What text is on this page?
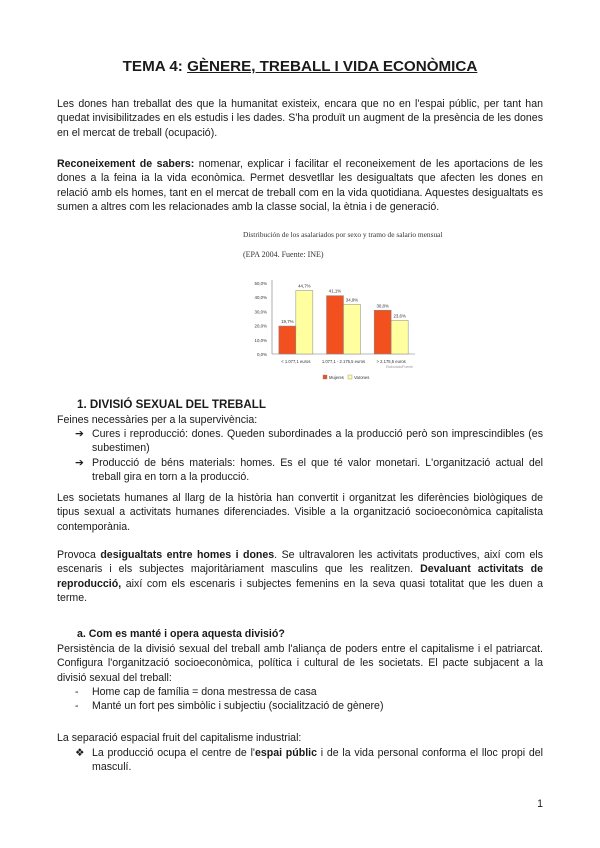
TEMA 4: GÈNERE, TREBALL I VIDA ECONÒMICA

Les dones han treballat des que la humanitat existeix, encara que no en l'espai públic, per tant han quedat invisibilitzades en els estudis i les dades. S'ha produït un augment de la presència de les dones en el mercat de treball (ocupació).

Reconeixement de sabers: nomenar, explicar i facilitar el reconeixement de les aportacions de les dones a la feina ia la vida econòmica. Permet desvetllar les desigualtats que afecten les dones en relació amb els homes, tant en el mercat de treball com en la vida quotidiana. Aquestes desigualtats es sumen a altres com les relacionades amb la classe social, la ètnia i de generació.

Distribución de los asalariados por sexo y tramo de salario mensual
(EPA 2004. Fuente: INE)
50,0%
40,0%
30,0%
20,0%
10,0%
0,0%
19,7%
44,7%
< 1.077,1 euros
41,1%
34,9%
1.077,1 - 2.175,5 euros
30,8%
23,6%
> 2.175,5 euros
Mujeres Varones
Elaborado/Fuente
1. DIVISIÓ SEXUAL DEL TREBALL

Feines necessàries per a la supervivència:

➔ Cures i reproducció: dones. Queden subordinades a la producció però son imprescindibles (es subestimen)
➔ Producció de béns materials: homes. Es el que té valor monetari. L'organització actual del treball gira en torn a la producció.

Les societats humanes al llarg de la història han convertit i organitzat les diferències biològiques de tipus sexual a activitats humanes diferenciades. Visible a la organització socioeconòmica capitalista contemporània.

Provoca desigualtats entre homes i dones. Se ultravaloren les activitats productives, així com els escenaris i els subjectes majoritàriament masculins que les realitzen. Devaluant activitats de reproducció, així com els escenaris i subjectes femenins en la seva quasi totalitat que les duen a terme.

a. Com es manté i opera aquesta divisió?

Persistència de la divisió sexual del treball amb l'aliança de poders entre el capitalisme i el patriarcat. Configura l'organització socioeconòmica, política i cultural de les societats. El pacte subjacent a la divisió sexual del treball:

- Home cap de família = dona mestressa de casa
- Manté un fort pes simbòlic i subjectiu (socialització de gènere)

La separació espacial fruit del capitalisme industrial:

❖ La producció ocupa el centre de l'espai públic i de la vida personal conforma el lloc propi del masculí.
1
